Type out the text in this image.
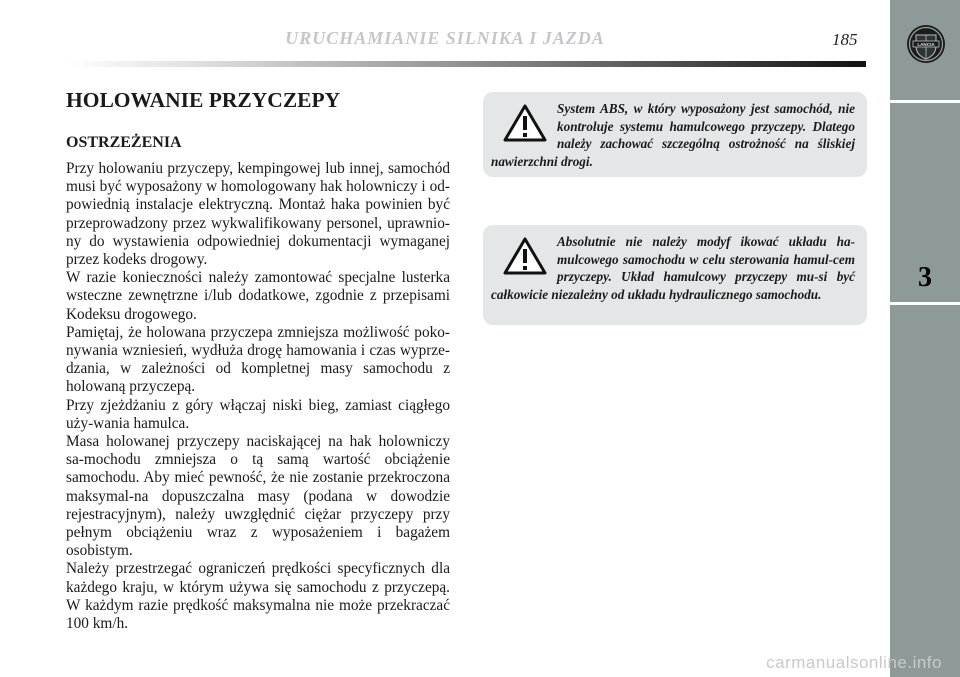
URUCHAMIANIE SILNIKA I JAZDA	185	LANCIA
3
HOLOWANIE PRZYCZEPY
OSTRZEŻENIA
Przy holowaniu przyczepy, kempingowej lub innej, samochód musi być wyposażony w homologowany hak holowniczy i od-powiednią instalacje elektryczną. Montaż haka powinien być przeprowadzony przez wykwalifikowany personel, uprawnio-ny do wystawienia odpowiedniej dokumentacji wymaganej przez kodeks drogowy.
W razie konieczności należy zamontować specjalne lusterka wsteczne zewnętrzne i/lub dodatkowe, zgodnie z przepisami Kodeksu drogowego.
Pamiętaj, że holowana przyczepa zmniejsza możliwość poko-nywania wzniesień, wydłuża drogę hamowania i czas wyprze-dzania, w zależności od kompletnej masy samochodu z holowaną przyczepą.
Przy zjeżdżaniu z góry włączaj niski bieg, zamiast ciągłego uży-wania hamulca.
Masa holowanej przyczepy naciskającej na hak holowniczy sa-mochodu zmniejsza o tą samą wartość obciążenie samochodu. Aby mieć pewność, że nie zostanie przekroczona maksymal-na dopuszczalna masy (podana w dowodzie rejestracyjnym), należy uwzględnić ciężar przyczepy przy pełnym obciążeniu wraz z wyposażeniem i bagażem osobistym.
Należy przestrzegać ograniczeń prędkości specyficznych dla każdego kraju, w którym używa się samochodu z przyczepą. W każdym razie prędkość maksymalna nie może przekraczać 100 km/h.
System ABS, w który wyposażony jest samochód, nie kontroluje systemu hamulcowego przyczepy. Dlatego należy zachować szczególną ostrożność na śliskiej nawierzchni drogi.
Absolutnie nie należy modyf ikować układu ha-mulcowego samochodu w celu sterowania hamul-cem przyczepy. Układ hamulcowy przyczepy mu-si być całkowicie niezależny od układu hydraulicznego samochodu.
carmanualsonline.info
